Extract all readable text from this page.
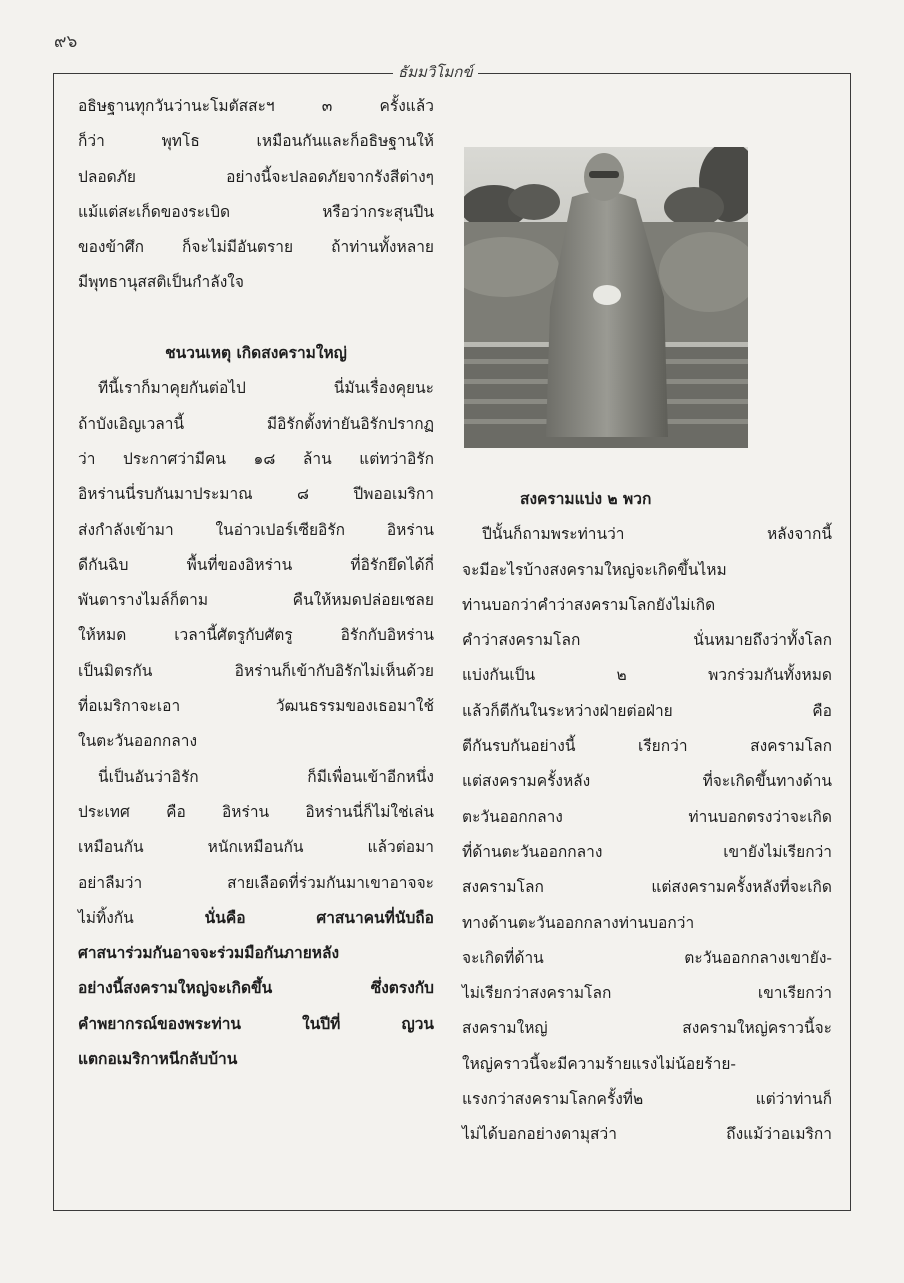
๙๖
ธัมมวิโมกข์
อธิษฐานทุกวันว่านะโมตัสสะฯ ๓ ครั้งแล้ว
ก็ว่า พุทโธ เหมือนกันและก็อธิษฐานให้
ปลอดภัย อย่างนี้จะปลอดภัยจากรังสีต่างๆ
แม้แต่สะเก็ดของระเบิด หรือว่ากระสุนปืน
ของข้าศึก ก็จะไม่มีอันตราย ถ้าท่านทั้งหลาย
มีพุทธานุสสติเป็นกำลังใจ
ชนวนเหตุ เกิดสงครามใหญ่
ทีนี้เราก็มาคุยกันต่อไป นี่มันเรื่องคุยนะ
ถ้าบังเอิญเวลานี้ มีอิรักตั้งท่ายันอิรักปรากฏ
ว่า ประกาศว่ามีคน ๑๘ ล้าน แต่ทว่าอิรัก
อิหร่านนี่รบกันมาประมาณ ๘ ปีพออเมริกา
ส่งกำลังเข้ามา ในอ่าวเปอร์เซียอิรัก อิหร่าน
ดีกันฉิบ พื้นที่ของอิหร่าน ที่อิรักยึดได้กี่
พันตารางไมล์ก็ตาม คืนให้หมดปล่อยเชลย
ให้หมด เวลานี้ศัตรูกับศัตรู อิรักกับอิหร่าน
เป็นมิตรกัน อิหร่านก็เข้ากับอิรักไม่เห็นด้วย
ที่อเมริกาจะเอา วัฒนธรรมของเธอมาใช้
ในตะวันออกกลาง
นี่เป็นอันว่าอิรัก ก็มีเพื่อนเข้าอีกหนึ่ง
ประเทศ คือ อิหร่าน อิหร่านนี่ก็ไม่ใช่เล่น
เหมือนกัน หนักเหมือนกัน แล้วต่อมา
อย่าลืมว่า สายเลือดที่ร่วมกันมาเขาอาจจะ
ไม่ทิ้งกัน	นั่นคือ	ศาสนาคนที่นับถือ
ศาสนาร่วมกันอาจจะร่วมมือกันภายหลัง
อย่างนี้สงครามใหญ่จะเกิดขึ้น ซึ่งตรงกับ
คำพยากรณ์ของพระท่าน ในปีที่ ญวน
แตกอเมริกาหนีกลับบ้าน
สงครามแบ่ง ๒ พวก
ปีนั้นก็ถามพระท่านว่า หลังจากนี้
จะมีอะไรบ้างสงครามใหญ่จะเกิดขึ้นไหม
ท่านบอกว่าคำว่าสงครามโลกยังไม่เกิด
คำว่าสงครามโลก นั่นหมายถึงว่าทั้งโลก
แบ่งกันเป็น ๒ พวกร่วมกันทั้งหมด
แล้วก็ตีกันในระหว่างฝ่ายต่อฝ่าย คือ
ตีกันรบกันอย่างนี้ เรียกว่า สงครามโลก
แต่สงครามครั้งหลัง ที่จะเกิดขึ้นทางด้าน
ตะวันออกกลาง ท่านบอกตรงว่าจะเกิด
ที่ด้านตะวันออกกลาง เขายังไม่เรียกว่า
สงครามโลก แต่สงครามครั้งหลังที่จะเกิด
ทางด้านตะวันออกกลางท่านบอกว่า
จะเกิดที่ด้าน ตะวันออกกลางเขายัง-
ไม่เรียกว่าสงครามโลก เขาเรียกว่า
สงครามใหญ่ สงครามใหญ่คราวนี้จะ
ใหญ่คราวนี้จะมีความร้ายแรงไม่น้อยร้าย-
แรงกว่าสงครามโลกครั้งที่๒ แต่ว่าท่านก็
ไม่ได้บอกอย่างดามุสว่า ถึงแม้ว่าอเมริกา
